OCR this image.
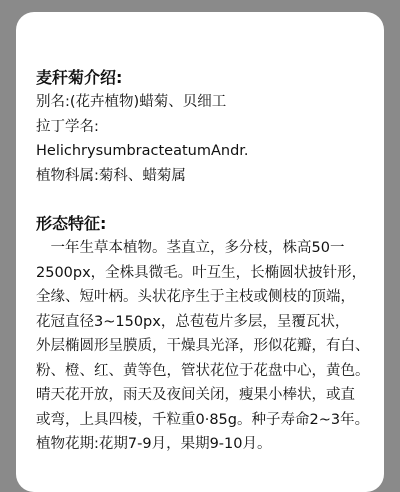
麦秆菊介绍:

别名:(花卉植物)蜡菊、贝细工

拉丁学名:

HelichrysumbracteatumAndr.

植物科属:菊科、蜡菊属

形态特征:

　一年生草本植物。茎直立，多分枝，株高50一

2500px，全株具微毛。叶互生，长椭圆状披针形，

全缘、短叶柄。头状花序生于主枝或侧枝的顶端，

花冠直径3~150px，总苞苞片多层，呈覆瓦状，

外层椭圆形呈膜质，干燥具光泽，形似花瓣，有白、

粉、橙、红、黄等色，管状花位于花盘中心，黄色。

晴天花开放，雨天及夜间关闭，瘦果小棒状，或直

或弯，上具四棱，千粒重0·85g。种子寿命2~3年。

植物花期:花期7-9月，果期9-10月。
